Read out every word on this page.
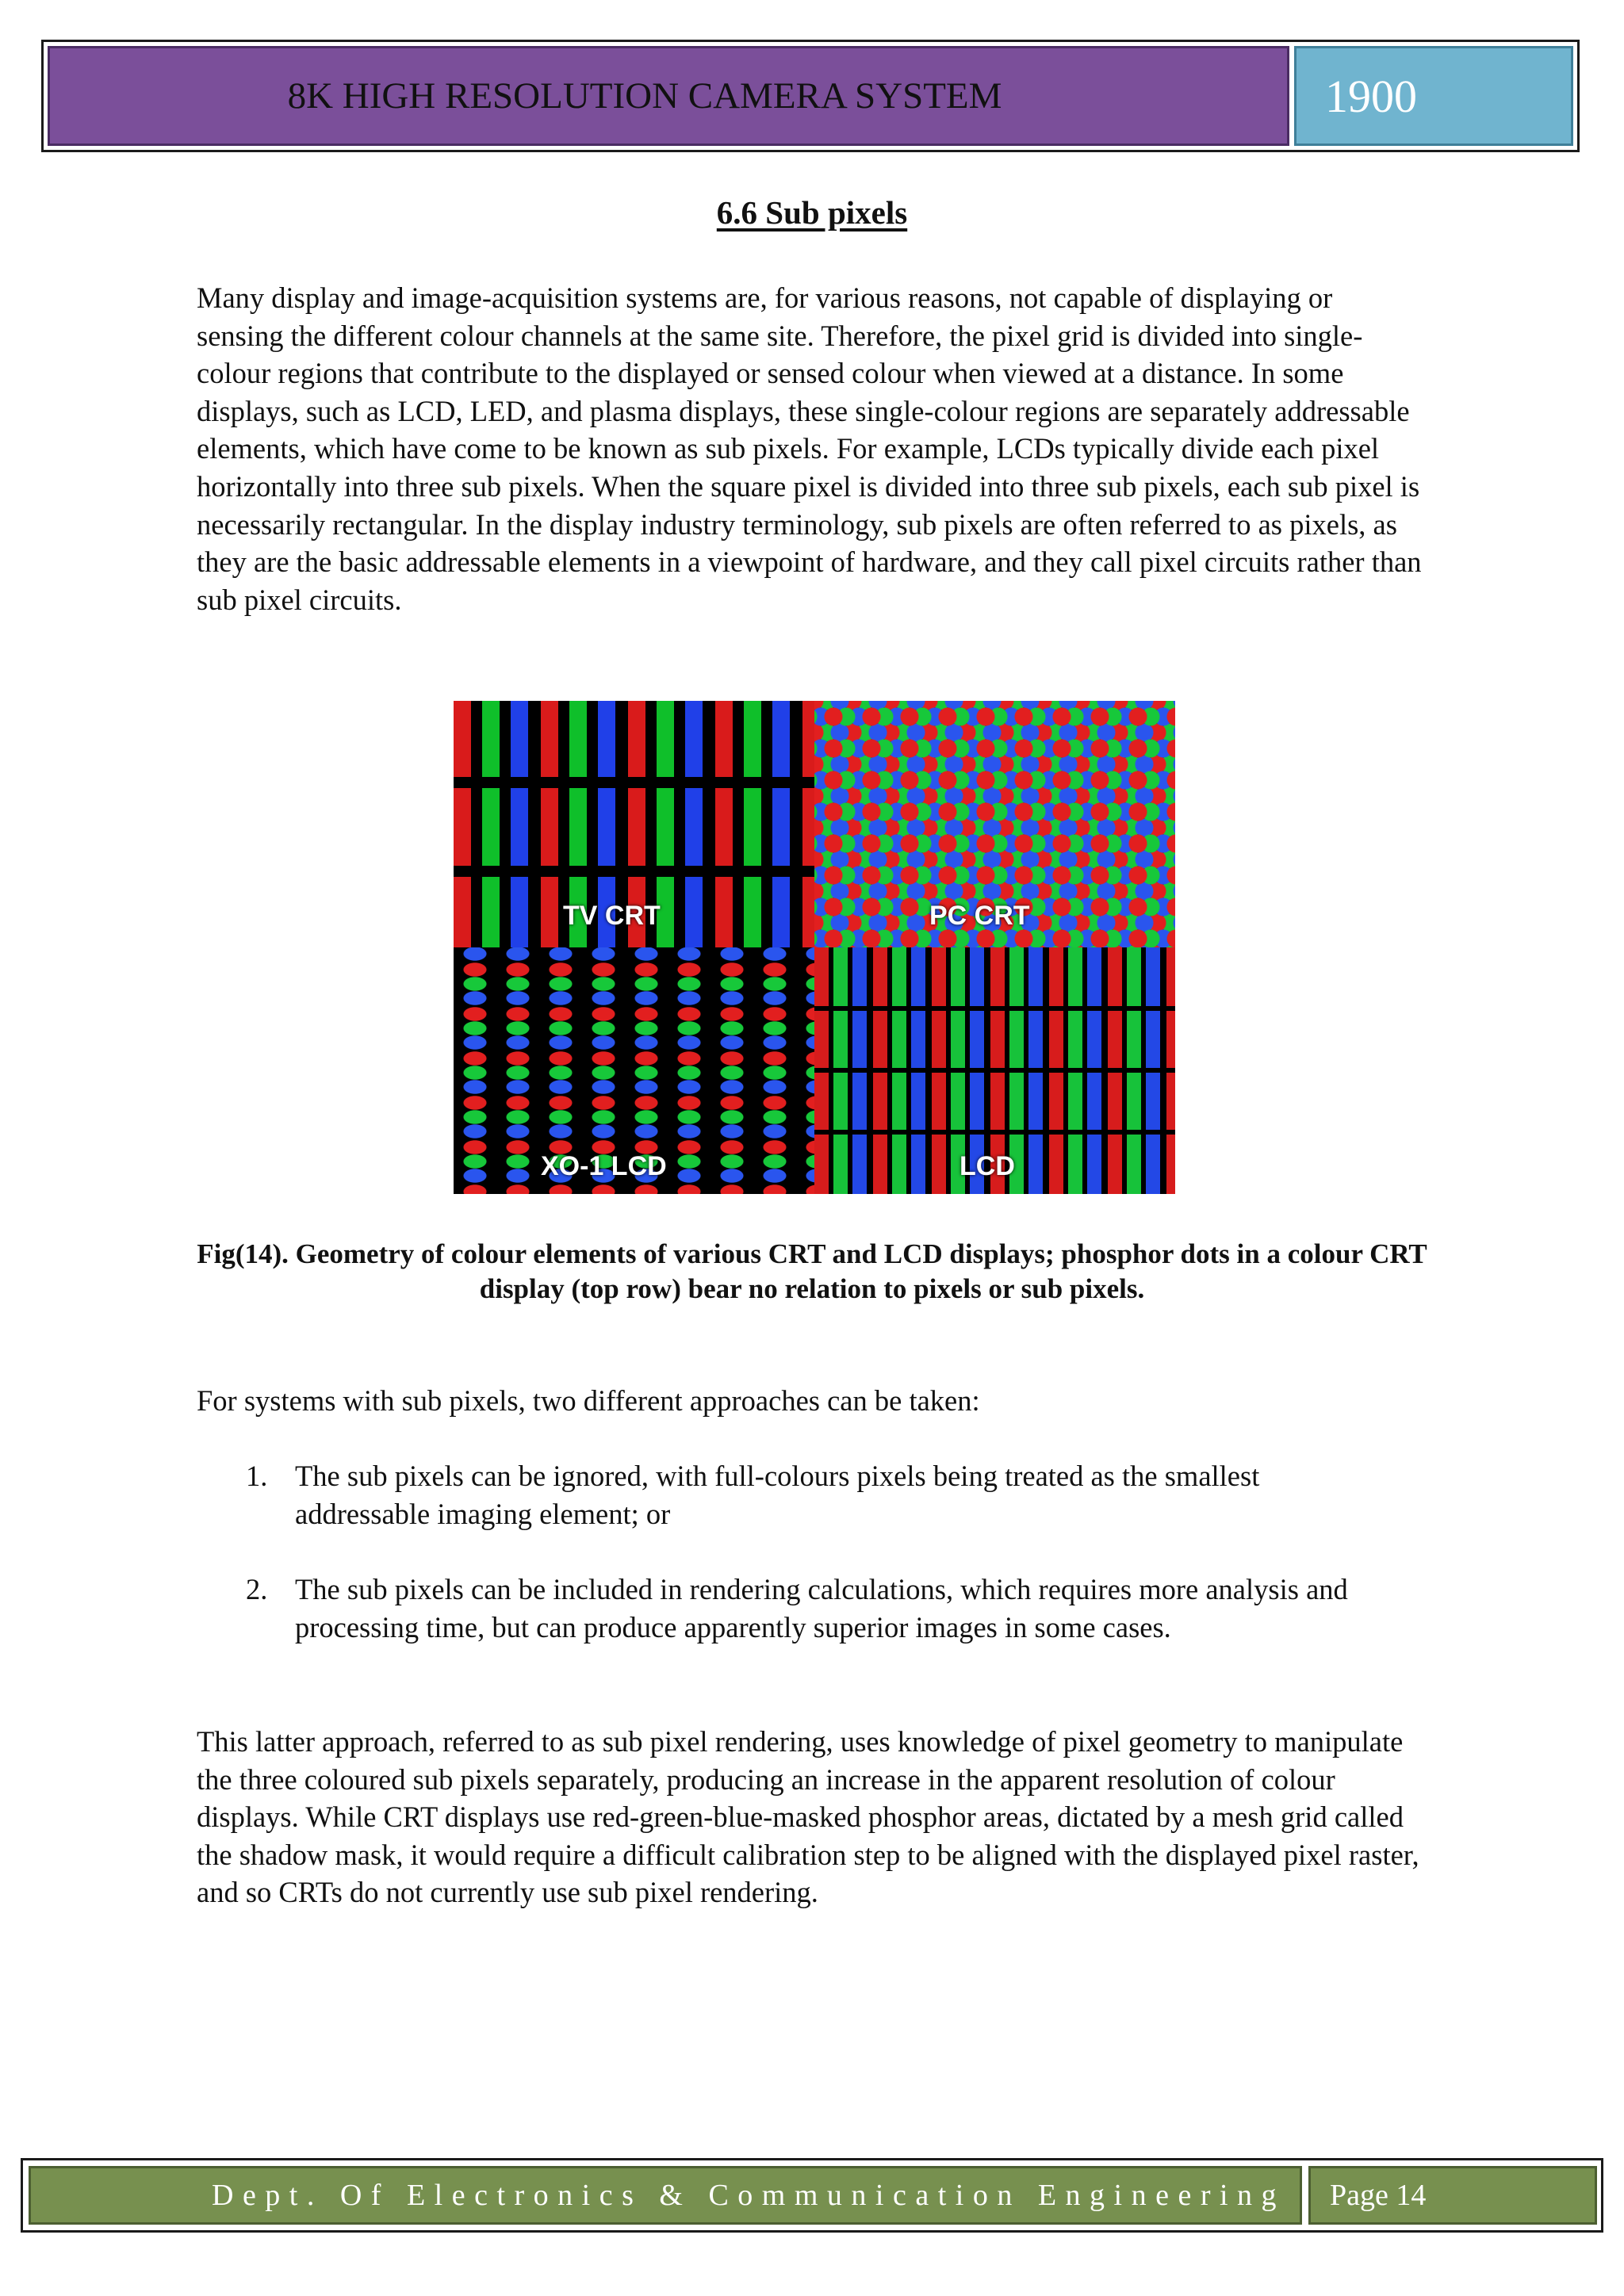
8K HIGH RESOLUTION CAMERA SYSTEM	1900
6.6 Sub pixels

Many display and image-acquisition systems are, for various reasons, not capable of displaying or sensing the different colour channels at the same site. Therefore, the pixel grid is divided into single-colour regions that contribute to the displayed or sensed colour when viewed at a distance. In some displays, such as LCD, LED, and plasma displays, these single-colour regions are separately addressable elements, which have come to be known as sub pixels. For example, LCDs typically divide each pixel horizontally into three sub pixels. When the square pixel is divided into three sub pixels, each sub pixel is necessarily rectangular. In the display industry terminology, sub pixels are often referred to as pixels, as they are the basic addressable elements in a viewpoint of hardware, and they call pixel circuits rather than sub pixel circuits.

TV CRT	PC CRT
XO-1 LCD	LCD

Fig(14). Geometry of colour elements of various CRT and LCD displays; phosphor dots in a colour CRT display (top row) bear no relation to pixels or sub pixels.

For systems with sub pixels, two different approaches can be taken:

1. The sub pixels can be ignored, with full-colours pixels being treated as the smallest addressable imaging element; or
2. The sub pixels can be included in rendering calculations, which requires more analysis and processing time, but can produce apparently superior images in some cases.

This latter approach, referred to as sub pixel rendering, uses knowledge of pixel geometry to manipulate the three coloured sub pixels separately, producing an increase in the apparent resolution of colour displays. While CRT displays use red-green-blue-masked phosphor areas, dictated by a mesh grid called the shadow mask, it would require a difficult calibration step to be aligned with the displayed pixel raster, and so CRTs do not currently use sub pixel rendering.

Dept. Of Electronics & Communication Engineering Page 14
